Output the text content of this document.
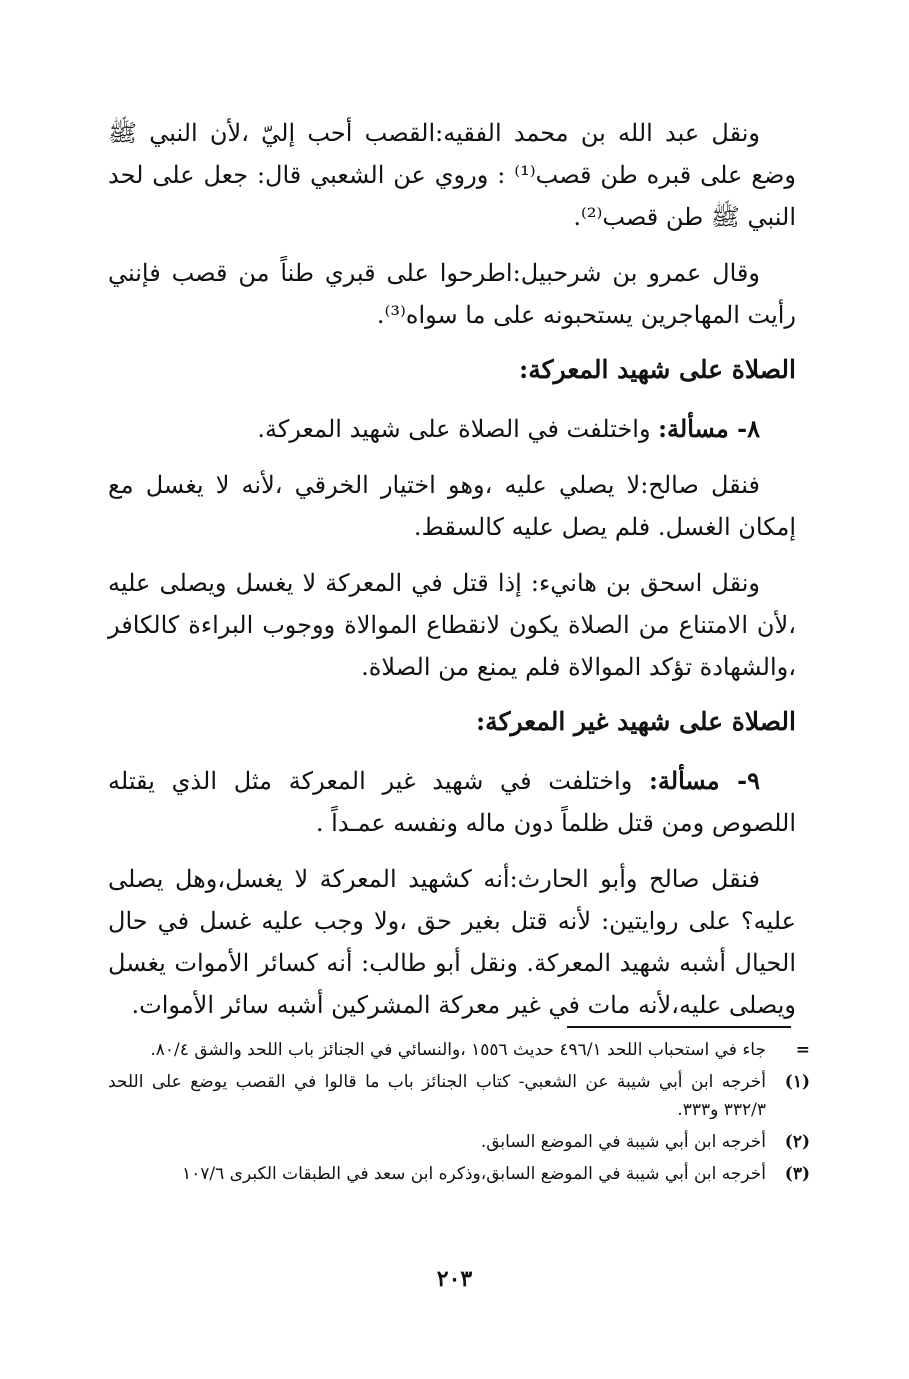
ونقل عبد الله بن محمد الفقيه:القصب أحب إليّ ،لأن النبي ﷺ وضع على قبره طن قصب⁽¹⁾ : وروي عن الشعبي قال: جعل على لحد النبي ﷺ طن قصب⁽²⁾.

وقال عمرو بن شرحبيل:اطرحوا على قبري طناً من قصب فإنني رأيت المهاجرين يستحبونه على ما سواه⁽³⁾.

الصلاة على شهيد المعركة:

٨- مسألة: واختلفت في الصلاة على شهيد المعركة.

فنقل صالح:لا يصلي عليه ،وهو اختيار الخرقي ،لأنه لا يغسل مع إمكان الغسل. فلم يصل عليه كالسقط.

ونقل اسحق بن هانيء: إذا قتل في المعركة لا يغسل ويصلى عليه ،لأن الامتناع من الصلاة يكون لانقطاع الموالاة ووجوب البراءة كالكافر ،والشهادة تؤكد الموالاة فلم يمنع من الصلاة.

الصلاة على شهيد غير المعركة:

٩- مسألة: واختلفت في شهيد غير المعركة مثل الذي يقتله اللصوص ومن قتل ظلماً دون ماله ونفسه عمـداً .

فنقل صالح وأبو الحارث:أنه كشهيد المعركة لا يغسل،وهل يصلى عليه؟ على روايتين: لأنه قتل بغير حق ،ولا وجب عليه غسل في حال الحيال أشبه شهيد المعركة. ونقل أبو طالب: أنه كسائر الأموات يغسل ويصلى عليه،لأنه مات في غير معركة المشركين أشبه سائر الأموات.

=
جاء في استحباب اللحد ٤٩٦/١ حديث ١٥٥٦ ،والنسائي في الجنائز باب اللحد والشق ٨٠/٤.
(١)
أخرجه ابن أبي شيبة عن الشعبي- كتاب الجنائز باب ما قالوا في القصب يوضع على اللحد ٣٣٢/٣ و٣٣٣.
(٢)
أخرجه ابن أبي شيبة في الموضع السابق.
(٣)
أخرجه ابن أبي شيبة في الموضع السابق،وذكره ابن سعد في الطبقات الكبرى ١٠٧/٦
٢٠٣
